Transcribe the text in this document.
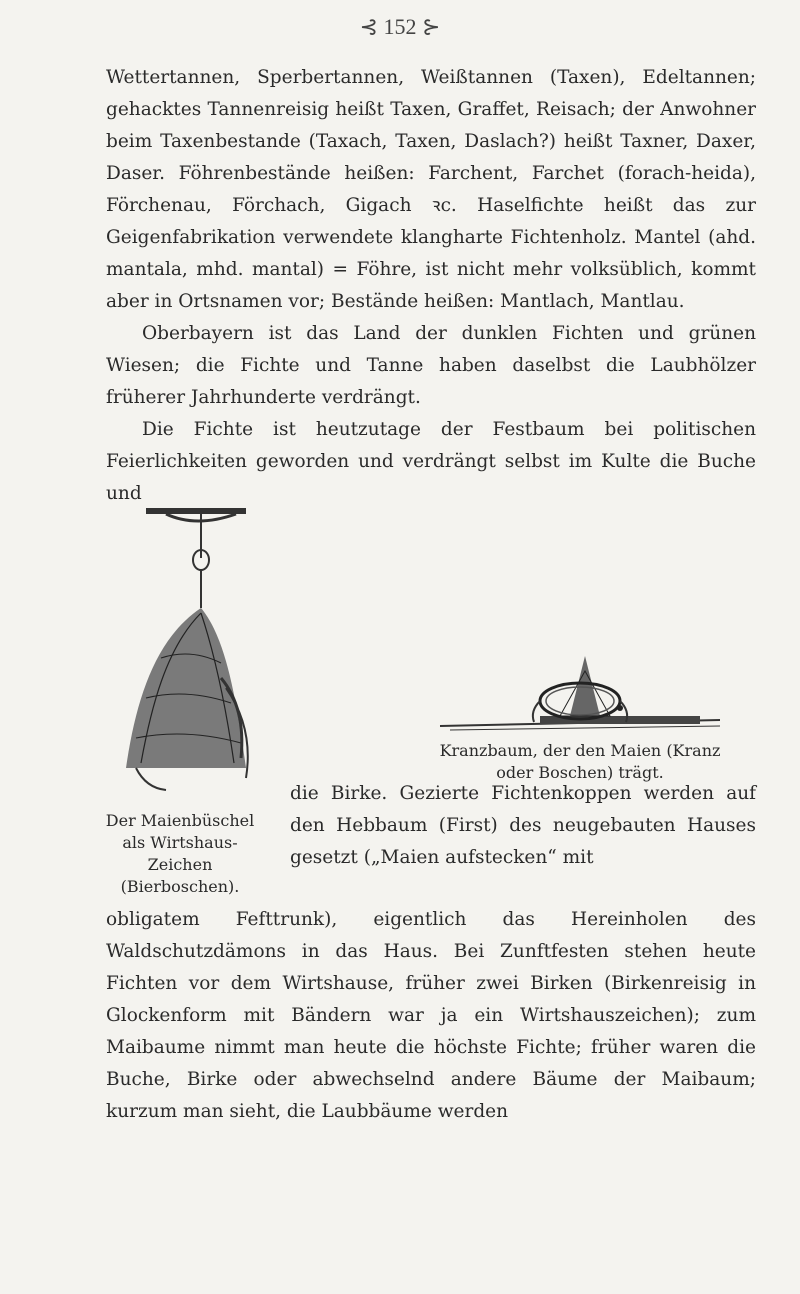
⊰ 152 ⊱

Wettertannen, Sperbertannen, Weißtannen (Taxen), Edeltannen; gehacktes Tannenreisig heißt Taxen, Graffet, Reisach; der Anwohner beim Taxenbestande (Taxach, Taxen, Daslach?) heißt Taxner, Daxer, Daser. Föhrenbestände heißen: Farchent, Farchet (forach-heida), Förchenau, Förchach, Gigach ꝛc. Haselfichte heißt das zur Geigenfabrikation verwendete klangharte Fichtenholz. Mantel (ahd. mantala, mhd. mantal) = Föhre, ist nicht mehr volksüblich, kommt aber in Ortsnamen vor; Bestände heißen: Mantlach, Mantlau.

Oberbayern ist das Land der dunklen Fichten und grünen Wiesen; die Fichte und Tanne haben daselbst die Laubhölzer früherer Jahrhunderte verdrängt.

Die Fichte ist heutzutage der Festbaum bei politischen Feierlichkeiten geworden und verdrängt selbst im Kulte die Buche und

Kranzbaum, der den Maien (Kranz oder Boschen) trägt.
die Birke. Gezierte Fichtenkoppen werden auf den Hebbaum (First) des neugebauten Hauses gesetzt („Maien aufstecken“ mit
Der Maienbüschel als Wirtshaus-Zeichen (Bierboschen).
obligatem Fefttrunk), eigentlich das Hereinholen des Waldschutzdämons in das Haus. Bei Zunftfesten stehen heute Fichten vor dem Wirtshause, früher zwei Birken (Birkenreisig in Glockenform mit Bändern war ja ein Wirtshauszeichen); zum Maibaume nimmt man heute die höchste Fichte; früher waren die Buche, Birke oder abwechselnd andere Bäume der Maibaum; kurzum man sieht, die Laubbäume werden
